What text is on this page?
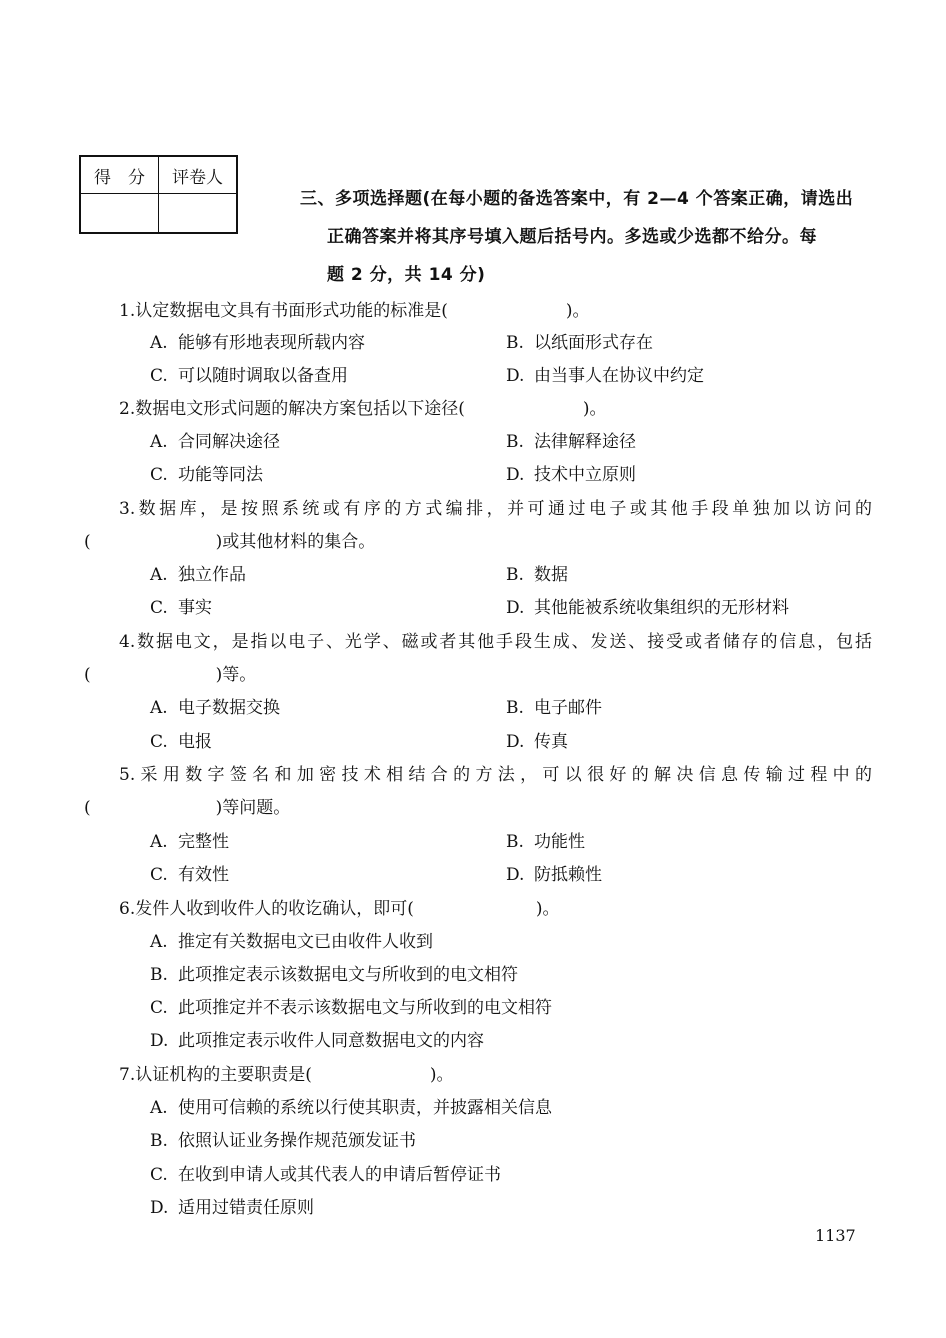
得　分	评卷人

三、多项选择题(在每小题的备选答案中，有 2—4 个答案正确，请选出
正确答案并将其序号填入题后括号内。多选或少选都不给分。每
题 2 分，共 14 分)
1.认定数据电文具有书面形式功能的标准是(	)。
A. 能够有形地表现所载内容	B. 以纸面形式存在
C. 可以随时调取以备查用	D. 由当事人在协议中约定
2.数据电文形式问题的解决方案包括以下途径(	)。
A. 合同解决途径	B. 法律解释途径
C. 功能等同法	D. 技术中立原则
3.数据库，是按照系统或有序的方式编排，并可通过电子或其他手段单独加以访问的
(	)或其他材料的集合。
A. 独立作品	B. 数据
C. 事实	D. 其他能被系统收集组织的无形材料
4.数据电文，是指以电子、光学、磁或者其他手段生成、发送、接受或者储存的信息，包括
(	)等。
A. 电子数据交换	B. 电子邮件
C. 电报	D. 传真
5.采用数字签名和加密技术相结合的方法，可以很好的解决信息传输过程中的
(	)等问题。
A. 完整性	B. 功能性
C. 有效性	D. 防抵赖性
6.发件人收到收件人的收讫确认，即可(	)。
A. 推定有关数据电文已由收件人收到
B. 此项推定表示该数据电文与所收到的电文相符
C. 此项推定并不表示该数据电文与所收到的电文相符
D. 此项推定表示收件人同意数据电文的内容
7.认证机构的主要职责是(	)。
A. 使用可信赖的系统以行使其职责，并披露相关信息
B. 依照认证业务操作规范颁发证书
C. 在收到申请人或其代表人的申请后暂停证书
D. 适用过错责任原则
1137
